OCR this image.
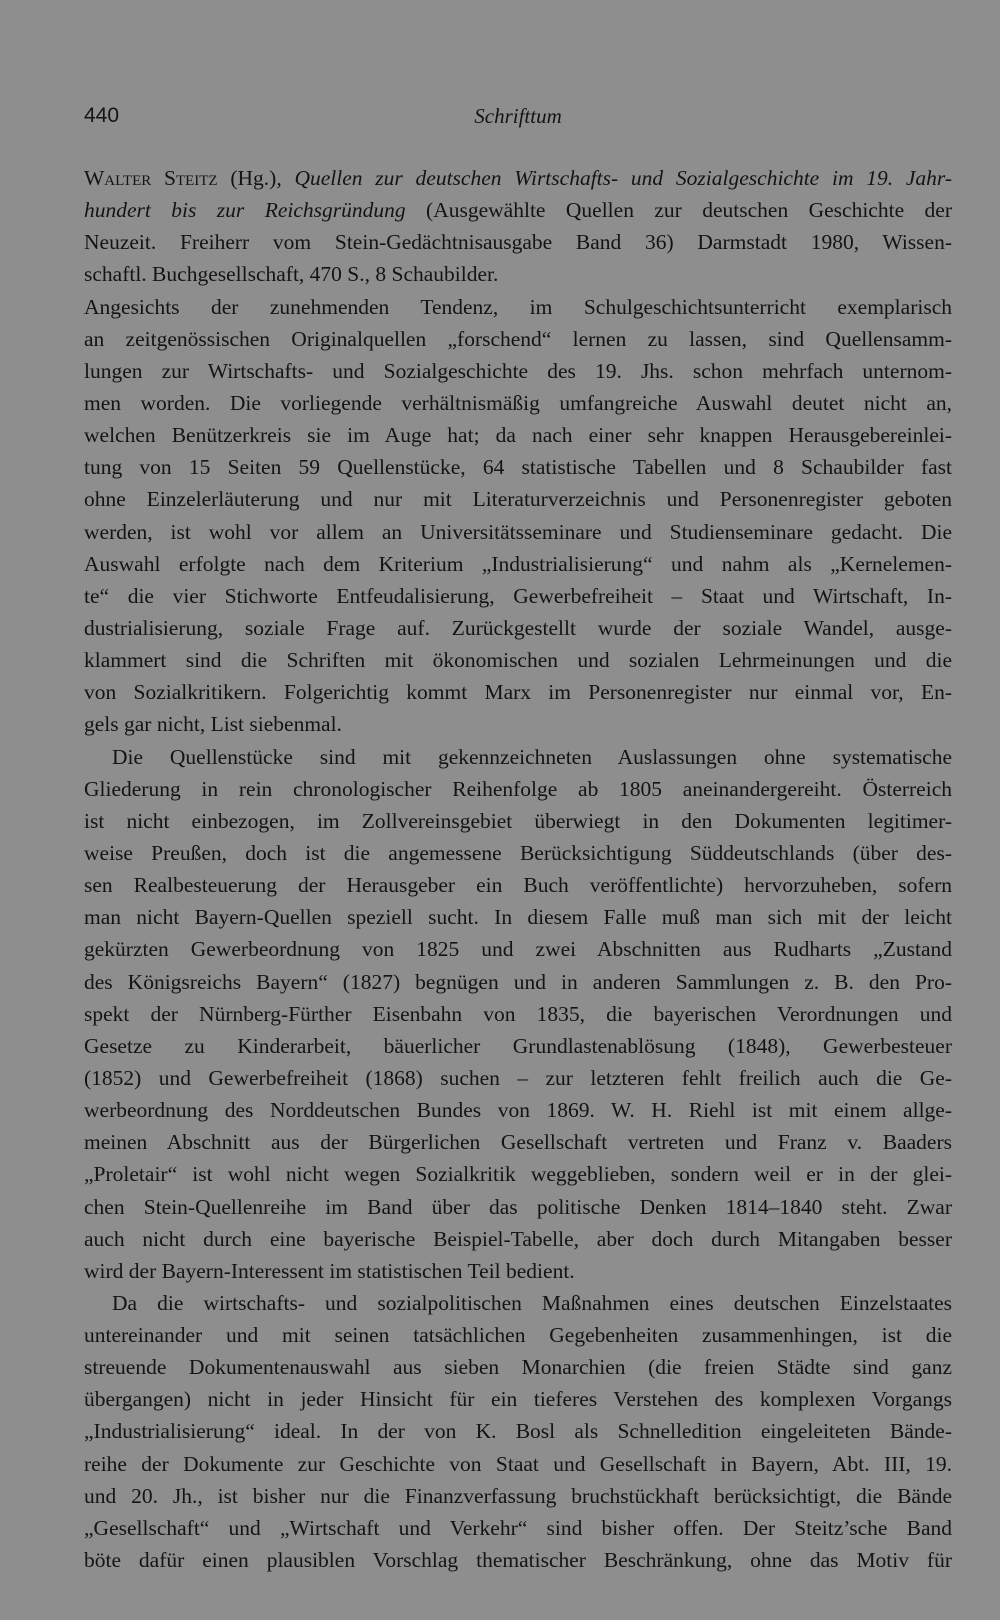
440	Schrifttum
Walter Steitz (Hg.), Quellen zur deutschen Wirtschafts- und Sozialgeschichte im 19. Jahr-
hundert bis zur Reichsgründung (Ausgewählte Quellen zur deutschen Geschichte der
Neuzeit. Freiherr vom Stein-Gedächtnisausgabe Band 36) Darmstadt 1980, Wissen-
schaftl. Buchgesellschaft, 470 S., 8 Schaubilder.
Angesichts der zunehmenden Tendenz, im Schulgeschichtsunterricht exemplarisch
an zeitgenössischen Originalquellen „forschend“ lernen zu lassen, sind Quellensamm-
lungen zur Wirtschafts- und Sozialgeschichte des 19. Jhs. schon mehrfach unternom-
men worden. Die vorliegende verhältnismäßig umfangreiche Auswahl deutet nicht an,
welchen Benützerkreis sie im Auge hat; da nach einer sehr knappen Herausgebereinlei-
tung von 15 Seiten 59 Quellenstücke, 64 statistische Tabellen und 8 Schaubilder fast
ohne Einzelerläuterung und nur mit Literaturverzeichnis und Personenregister geboten
werden, ist wohl vor allem an Universitätsseminare und Studienseminare gedacht. Die
Auswahl erfolgte nach dem Kriterium „Industrialisierung“ und nahm als „Kernelemen-
te“ die vier Stichworte Entfeudalisierung, Gewerbefreiheit – Staat und Wirtschaft, In-
dustrialisierung, soziale Frage auf. Zurückgestellt wurde der soziale Wandel, ausge-
klammert sind die Schriften mit ökonomischen und sozialen Lehrmeinungen und die
von Sozialkritikern. Folgerichtig kommt Marx im Personenregister nur einmal vor, En-
gels gar nicht, List siebenmal.
Die Quellenstücke sind mit gekennzeichneten Auslassungen ohne systematische
Gliederung in rein chronologischer Reihenfolge ab 1805 aneinandergereiht. Österreich
ist nicht einbezogen, im Zollvereinsgebiet überwiegt in den Dokumenten legitimer-
weise Preußen, doch ist die angemessene Berücksichtigung Süddeutschlands (über des-
sen Realbesteuerung der Herausgeber ein Buch veröffentlichte) hervorzuheben, sofern
man nicht Bayern-Quellen speziell sucht. In diesem Falle muß man sich mit der leicht
gekürzten Gewerbeordnung von 1825 und zwei Abschnitten aus Rudharts „Zustand
des Königsreichs Bayern“ (1827) begnügen und in anderen Sammlungen z. B. den Pro-
spekt der Nürnberg-Fürther Eisenbahn von 1835, die bayerischen Verordnungen und
Gesetze zu Kinderarbeit, bäuerlicher Grundlastenablösung (1848), Gewerbesteuer
(1852) und Gewerbefreiheit (1868) suchen – zur letzteren fehlt freilich auch die Ge-
werbeordnung des Norddeutschen Bundes von 1869. W. H. Riehl ist mit einem allge-
meinen Abschnitt aus der Bürgerlichen Gesellschaft vertreten und Franz v. Baaders
„Proletair“ ist wohl nicht wegen Sozialkritik weggeblieben, sondern weil er in der glei-
chen Stein-Quellenreihe im Band über das politische Denken 1814–1840 steht. Zwar
auch nicht durch eine bayerische Beispiel-Tabelle, aber doch durch Mitangaben besser
wird der Bayern-Interessent im statistischen Teil bedient.
Da die wirtschafts- und sozialpolitischen Maßnahmen eines deutschen Einzelstaates
untereinander und mit seinen tatsächlichen Gegebenheiten zusammenhingen, ist die
streuende Dokumentenauswahl aus sieben Monarchien (die freien Städte sind ganz
übergangen) nicht in jeder Hinsicht für ein tieferes Verstehen des komplexen Vorgangs
„Industrialisierung“ ideal. In der von K. Bosl als Schnelledition eingeleiteten Bände-
reihe der Dokumente zur Geschichte von Staat und Gesellschaft in Bayern, Abt. III, 19.
und 20. Jh., ist bisher nur die Finanzverfassung bruchstückhaft berücksichtigt, die Bände
„Gesellschaft“ und „Wirtschaft und Verkehr“ sind bisher offen. Der Steitz’sche Band
böte dafür einen plausiblen Vorschlag thematischer Beschränkung, ohne das Motiv für
